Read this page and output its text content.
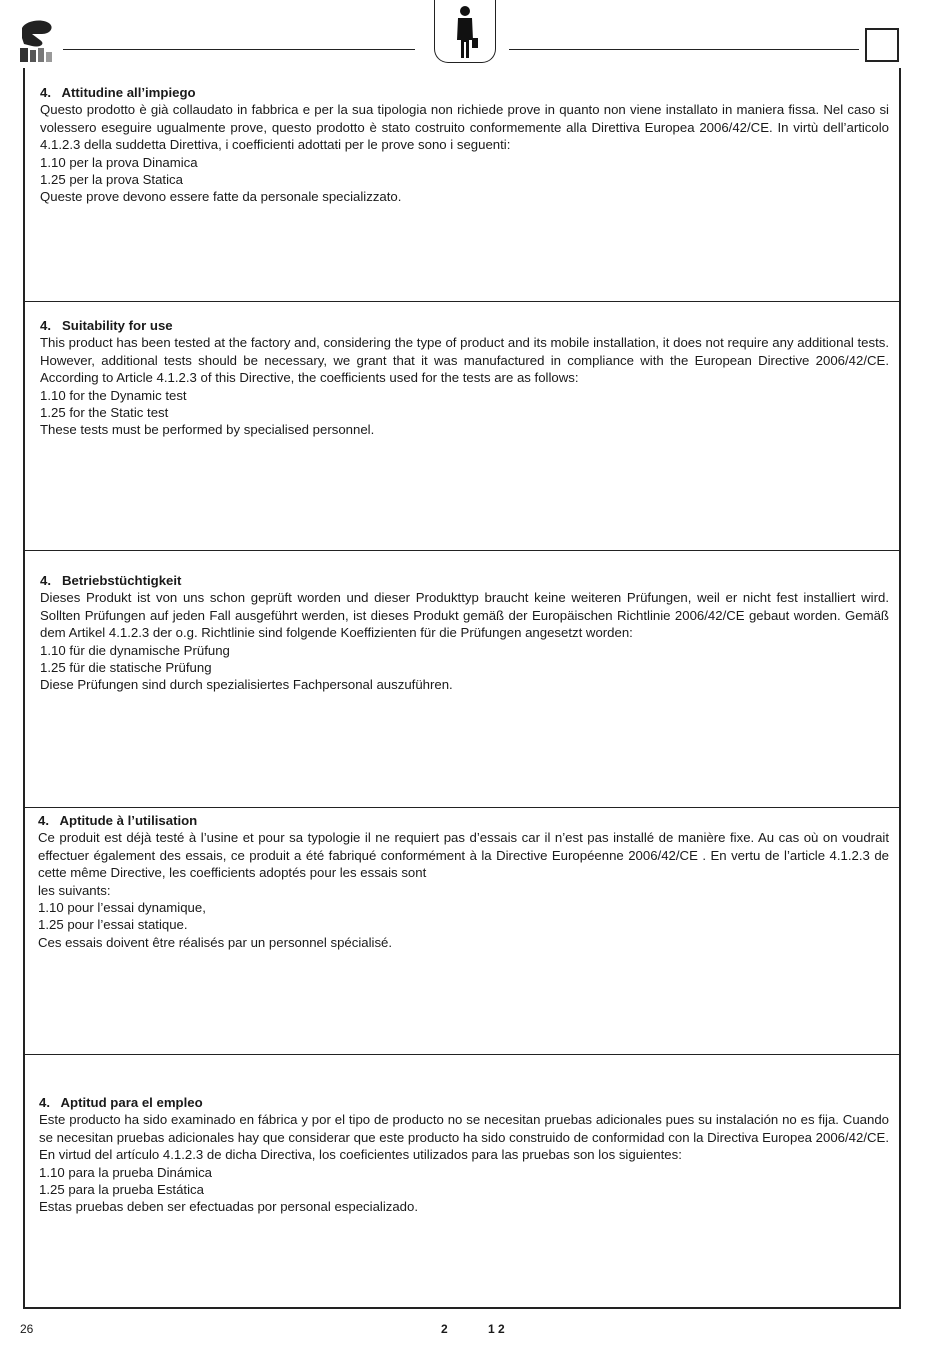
4.   Attitudine all’impiego

Questo prodotto è già collaudato in fabbrica e per la sua tipologia non richiede prove in quanto non viene installato in maniera fissa. Nel caso si volessero eseguire ugualmente prove, questo prodotto è stato costruito conformemente alla Direttiva Europea 2006/42/CE. In virtù dell’articolo 4.1.2.3 della suddetta Direttiva, i coefficienti adottati per le prove sono i seguenti:

1.10 per la prova Dinamica
1.25 per la prova Statica
Queste prove devono essere fatte da personale specializzato.
4.   Suitability for use

This product has been tested at the factory and, considering the type of product and its mobile installation, it does not require any additional tests. However, additional tests should be necessary, we grant that it was manufactured in compliance with the European Directive 2006/42/CE. According to Article 4.1.2.3 of this Directive, the coefficients used for the tests are as follows:

1.10 for the Dynamic test
1.25 for the Static test
These tests must be performed by specialised personnel.
4.   Betriebstüchtigkeit

Dieses Produkt ist von uns schon geprüft worden und dieser Produkttyp braucht keine weiteren Prüfungen, weil er nicht fest installiert wird. Sollten Prüfungen auf jeden Fall ausgeführt werden, ist dieses Produkt gemäß der Europäischen Richtlinie 2006/42/CE gebaut worden. Gemäß dem Artikel 4.1.2.3 der o.g. Richtlinie sind folgende Koeffizienten für die Prüfungen angesetzt worden:

1.10 für die dynamische Prüfung
1.25 für die statische Prüfung
Diese Prüfungen sind durch spezialisiertes Fachpersonal auszuführen.
4.   Aptitude à l’utilisation

Ce produit est déjà testé à l’usine et pour sa typologie il ne requiert pas d’essais car il n’est pas installé de manière fixe. Au cas où on voudrait effectuer également des essais, ce produit a été fabriqué conformément à la Directive Européenne 2006/42/CE . En vertu de l’article 4.1.2.3 de cette même Directive, les coefficients adoptés pour les essais sont

les suivants:
1.10 pour l’essai dynamique,
1.25 pour l’essai statique.
Ces essais doivent être réalisés par un personnel spécialisé.
4.   Aptitud para el empleo

Este producto ha sido examinado en fábrica y por el tipo de producto no se necesitan pruebas adicionales pues su instalación no es fija. Cuando se necesitan pruebas adicionales hay que considerar que este producto ha sido construido de conformidad con la Directiva Europea 2006/42/CE. En virtud del artículo 4.1.2.3 de dicha Directiva, los coeficientes utilizados para las pruebas son los siguientes:

1.10 para la prueba Dinámica
1.25 para la prueba Estática
Estas pruebas deben ser efectuadas por personal especializado.
26	2	1 2
